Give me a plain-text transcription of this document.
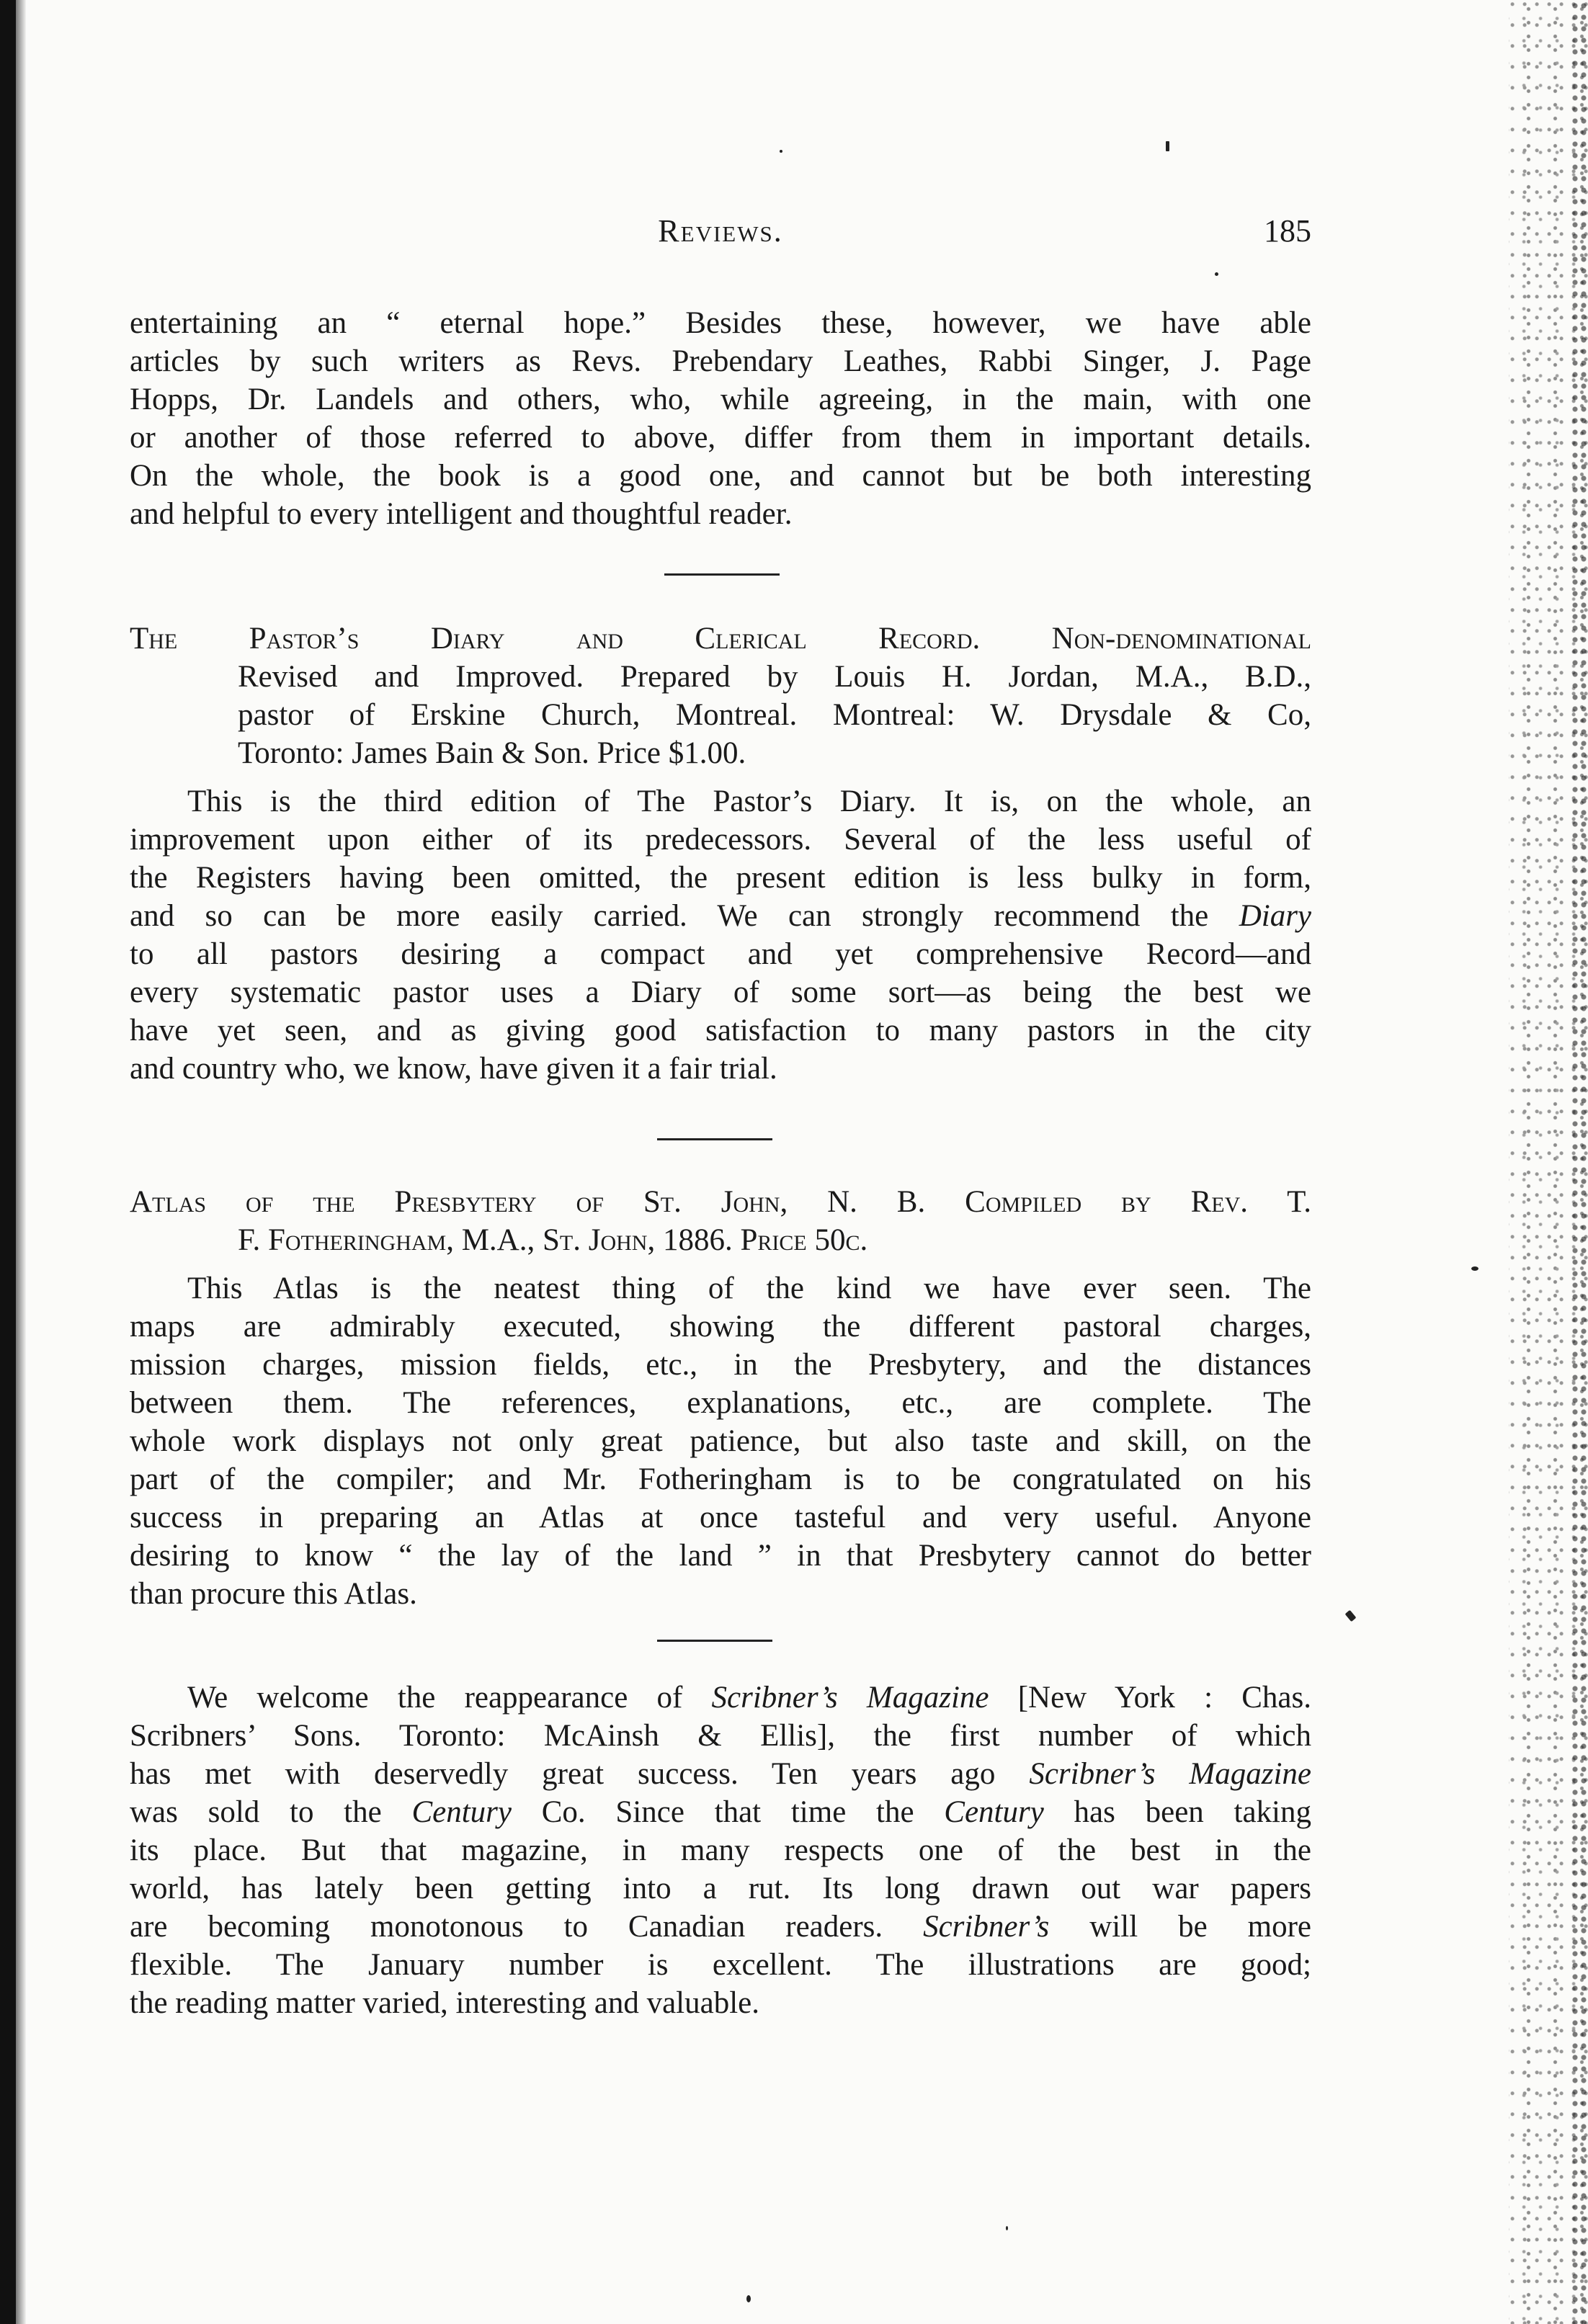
Reviews.	185
entertaining an “ eternal hope.” Besides these, however, we have able
articles by such writers as Revs. Prebendary Leathes, Rabbi Singer, J. Page
Hopps, Dr. Landels and others, who, while agreeing, in the main, with one
or another of those referred to above, differ from them in important details.
On the whole, the book is a good one, and cannot but be both interesting
and helpful to every intelligent and thoughtful reader.
The Pastor’s Diary and Clerical Record. Non-denominational
Revised and Improved. Prepared by Louis H. Jordan, M.A., B.D.,
pastor of Erskine Church, Montreal. Montreal: W. Drysdale & Co,
Toronto: James Bain & Son. Price $1.00.
This is the third edition of The Pastor’s Diary. It is, on the whole, an
improvement upon either of its predecessors. Several of the less useful of
the Registers having been omitted, the present edition is less bulky in form,
and so can be more easily carried. We can strongly recommend the Diary
to all pastors desiring a compact and yet comprehensive Record—and
every systematic pastor uses a Diary of some sort—as being the best we
have yet seen, and as giving good satisfaction to many pastors in the city
and country who, we know, have given it a fair trial.
Atlas of the Presbytery of St. John, N. B. Compiled by Rev. T.
F. Fotheringham, M.A., St. John, 1886. Price 50c.
This Atlas is the neatest thing of the kind we have ever seen. The
maps are admirably executed, showing the different pastoral charges,
mission charges, mission fields, etc., in the Presbytery, and the distances
between them. The references, explanations, etc., are complete. The
whole work displays not only great patience, but also taste and skill, on the
part of the compiler; and Mr. Fotheringham is to be congratulated on his
success in preparing an Atlas at once tasteful and very useful. Anyone
desiring to know “ the lay of the land ” in that Presbytery cannot do better
than procure this Atlas.
We welcome the reappearance of Scribner’s Magazine [New York : Chas.
Scribners’ Sons. Toronto: McAinsh & Ellis], the first number of which
has met with deservedly great success. Ten years ago Scribner’s Magazine
was sold to the Century Co. Since that time the Century has been taking
its place. But that magazine, in many respects one of the best in the
world, has lately been getting into a rut. Its long drawn out war papers
are becoming monotonous to Canadian readers. Scribner’s will be more
flexible. The January number is excellent. The illustrations are good;
the reading matter varied, interesting and valuable.
